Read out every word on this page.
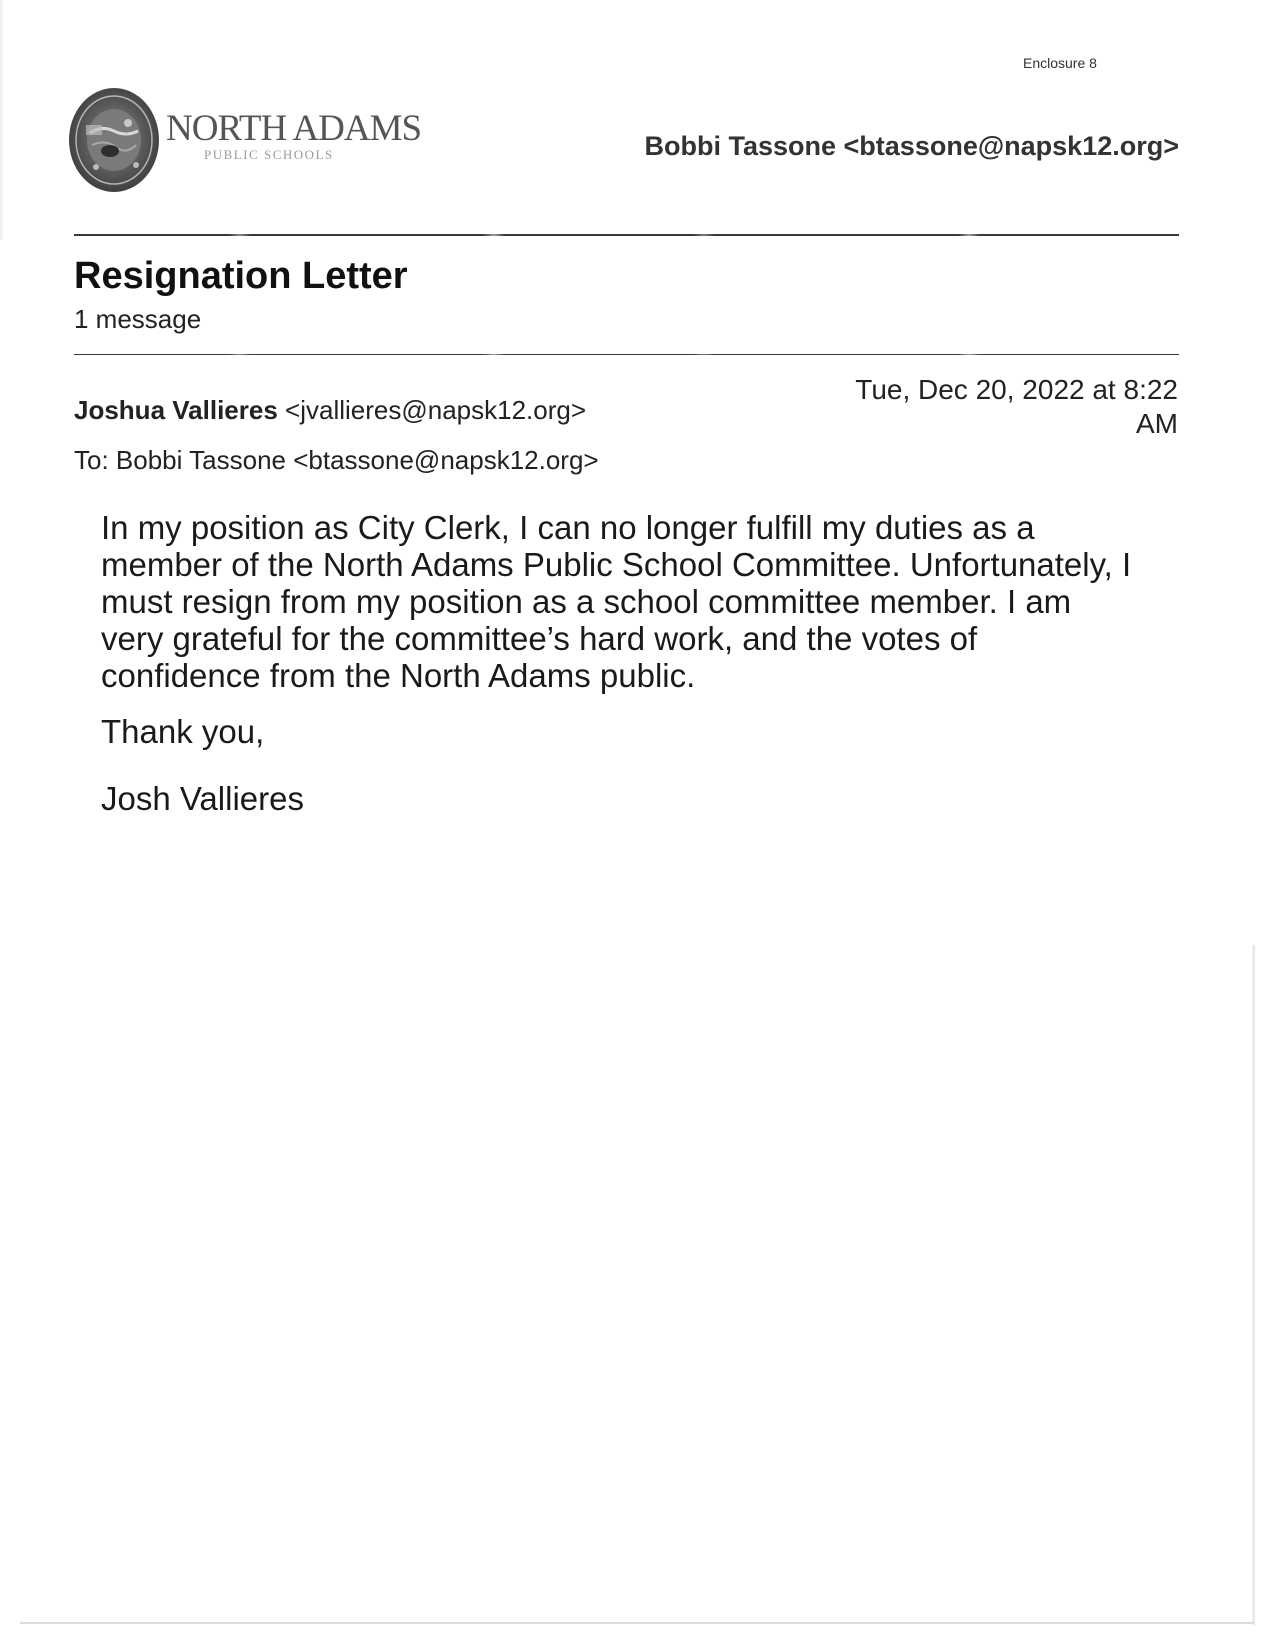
Enclosure 8
NORTH ADAMS
PUBLIC SCHOOLS	Bobbi Tassone <btassone@napsk12.org>
Resignation Letter
1 message
Joshua Vallieres <jvallieres@napsk12.org>
Tue, Dec 20, 2022 at 8:22 AM
To: Bobbi Tassone <btassone@napsk12.org>

In my position as City Clerk, I can no longer fulfill my duties as a member of the North Adams Public School Committee. Unfortunately, I must resign from my position as a school committee member. I am very grateful for the committee’s hard work, and the votes of confidence from the North Adams public.

Thank you,
Josh Vallieres
